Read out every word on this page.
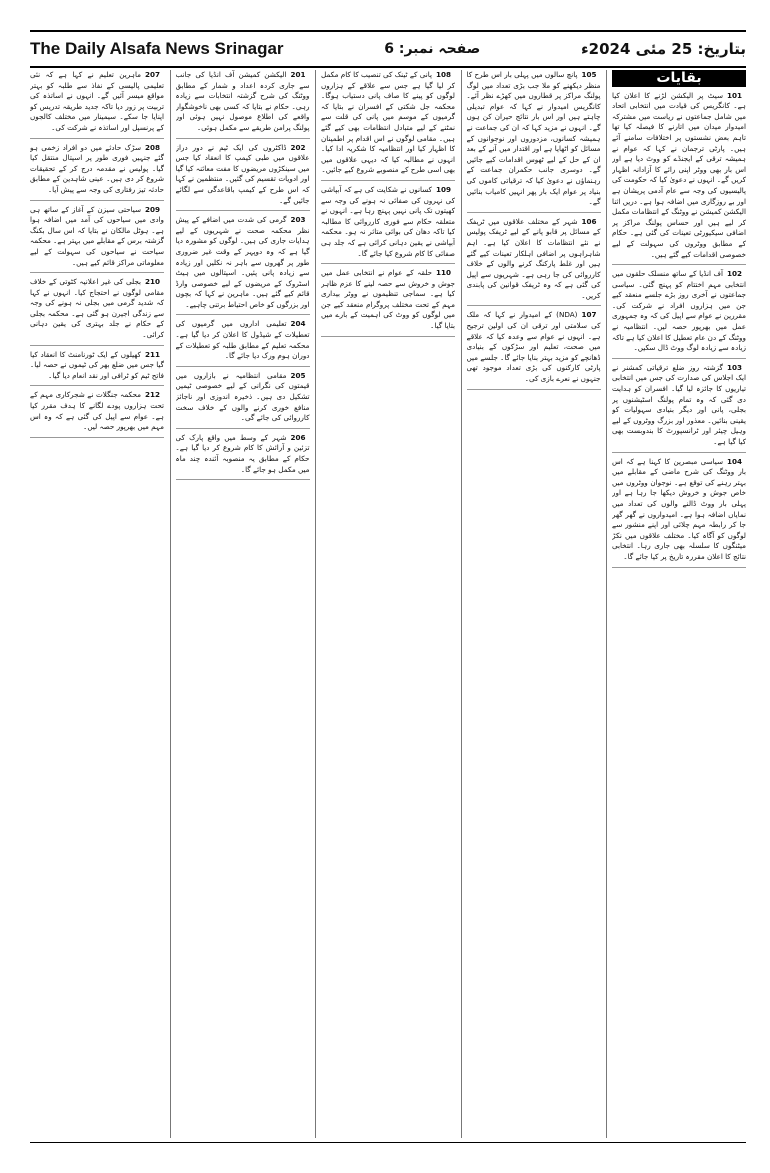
The Daily Alsafa News Srinagar	صفحہ نمبر: 6	بتاریخ: 25 مئی 2024ء
بقایات

101سیٹ پر الیکشن لڑنے کا اعلان کیا ہے۔ کانگریس کی قیادت میں انتخابی اتحاد میں شامل جماعتوں نے ریاست میں مشترکہ امیدوار میدان میں اتارنے کا فیصلہ کیا تھا تاہم بعض نشستوں پر اختلافات سامنے آئے ہیں۔ پارٹی ترجمان نے کہا کہ عوام نے ہمیشہ ترقی کے ایجنڈے کو ووٹ دیا ہے اور اس بار بھی ووٹر اپنی رائے کا آزادانہ اظہار کریں گے۔ انہوں نے دعویٰ کیا کہ حکومت کی پالیسیوں کی وجہ سے عام آدمی پریشان ہے اور بے روزگاری میں اضافہ ہوا ہے۔ دریں اثنا الیکشن کمیشن نے ووٹنگ کے انتظامات مکمل کر لیے ہیں اور حساس پولنگ مراکز پر اضافی سیکیورٹی تعینات کی گئی ہے۔ حکام کے مطابق ووٹروں کی سہولت کے لیے خصوصی اقدامات کیے گئے ہیں۔

102آف انڈیا کے ساتھ منسلک حلقوں میں انتخابی مہم اختتام کو پہنچ گئی۔ سیاسی جماعتوں نے آخری روز بڑے جلسے منعقد کیے جن میں ہزاروں افراد نے شرکت کی۔ مقررین نے عوام سے اپیل کی کہ وہ جمہوری عمل میں بھرپور حصہ لیں۔ انتظامیہ نے ووٹنگ کے دن عام تعطیل کا اعلان کیا ہے تاکہ زیادہ سے زیادہ لوگ ووٹ ڈال سکیں۔

103گزشتہ روز ضلع ترقیاتی کمشنر نے ایک اجلاس کی صدارت کی جس میں انتخابی تیاریوں کا جائزہ لیا گیا۔ افسران کو ہدایت دی گئی کہ وہ تمام پولنگ اسٹیشنوں پر بجلی، پانی اور دیگر بنیادی سہولیات کو یقینی بنائیں۔ معذور اور بزرگ ووٹروں کے لیے وہیل چیئر اور ٹرانسپورٹ کا بندوبست بھی کیا گیا ہے۔

104سیاسی مبصرین کا کہنا ہے کہ اس بار ووٹنگ کی شرح ماضی کے مقابلے میں بہتر رہنے کی توقع ہے۔ نوجوان ووٹروں میں خاص جوش و خروش دیکھا جا رہا ہے اور پہلی بار ووٹ ڈالنے والوں کی تعداد میں نمایاں اضافہ ہوا ہے۔ امیدواروں نے گھر گھر جا کر رابطہ مہم چلائی اور اپنے منشور سے لوگوں کو آگاہ کیا۔ مختلف علاقوں میں نکڑ میٹنگوں کا سلسلہ بھی جاری رہا۔ انتخابی نتائج کا اعلان مقررہ تاریخ پر کیا جائے گا۔

105پانچ سالوں میں پہلی بار اس طرح کا منظر دیکھنے کو ملا جب بڑی تعداد میں لوگ پولنگ مراکز پر قطاروں میں کھڑے نظر آئے۔ کانگریس امیدوار نے کہا کہ عوام تبدیلی چاہتے ہیں اور اس بار نتائج حیران کن ہوں گے۔ انہوں نے مزید کہا کہ ان کی جماعت نے ہمیشہ کسانوں، مزدوروں اور نوجوانوں کے مسائل کو اٹھایا ہے اور اقتدار میں آنے کے بعد ان کے حل کے لیے ٹھوس اقدامات کیے جائیں گے۔ دوسری جانب حکمران جماعت کے رہنماؤں نے دعویٰ کیا کہ ترقیاتی کاموں کی بنیاد پر عوام ایک بار پھر انہیں کامیاب بنائیں گے۔

106شہر کے مختلف علاقوں میں ٹریفک کے مسائل پر قابو پانے کے لیے ٹریفک پولیس نے نئے انتظامات کا اعلان کیا ہے۔ اہم شاہراہوں پر اضافی اہلکار تعینات کیے گئے ہیں اور غلط پارکنگ کرنے والوں کے خلاف کارروائی کی جا رہی ہے۔ شہریوں سے اپیل کی گئی ہے کہ وہ ٹریفک قوانین کی پابندی کریں۔

107(NDA) کے امیدوار نے کہا کہ ملک کی سلامتی اور ترقی ان کی اولین ترجیح ہے۔ انہوں نے عوام سے وعدہ کیا کہ علاقے میں صحت، تعلیم اور سڑکوں کے بنیادی ڈھانچے کو مزید بہتر بنایا جائے گا۔ جلسے میں پارٹی کارکنوں کی بڑی تعداد موجود تھی جنہوں نے نعرے بازی کی۔

108پانی کے ٹینک کی تنصیب کا کام مکمل کر لیا گیا ہے جس سے علاقے کے ہزاروں لوگوں کو پینے کا صاف پانی دستیاب ہوگا۔ محکمہ جل شکتی کے افسران نے بتایا کہ گرمیوں کے موسم میں پانی کی قلت سے نمٹنے کے لیے متبادل انتظامات بھی کیے گئے ہیں۔ مقامی لوگوں نے اس اقدام پر اطمینان کا اظہار کیا اور انتظامیہ کا شکریہ ادا کیا۔ انہوں نے مطالبہ کیا کہ دیہی علاقوں میں بھی اسی طرح کے منصوبے شروع کیے جائیں۔

109کسانوں نے شکایت کی ہے کہ آبپاشی کی نہروں کی صفائی نہ ہونے کی وجہ سے کھیتوں تک پانی نہیں پہنچ رہا ہے۔ انہوں نے متعلقہ حکام سے فوری کارروائی کا مطالبہ کیا تاکہ دھان کی بوائی متاثر نہ ہو۔ محکمہ آبپاشی نے یقین دہانی کرائی ہے کہ جلد ہی صفائی کا کام شروع کیا جائے گا۔

110حلقہ کے عوام نے انتخابی عمل میں جوش و خروش سے حصہ لینے کا عزم ظاہر کیا ہے۔ سماجی تنظیموں نے ووٹر بیداری مہم کے تحت مختلف پروگرام منعقد کیے جن میں لوگوں کو ووٹ کی اہمیت کے بارے میں بتایا گیا۔

201الیکشن کمیشن آف انڈیا کی جانب سے جاری کردہ اعداد و شمار کے مطابق ووٹنگ کی شرح گزشتہ انتخابات سے زیادہ رہی۔ حکام نے بتایا کہ کسی بھی ناخوشگوار واقعے کی اطلاع موصول نہیں ہوئی اور پولنگ پرامن طریقے سے مکمل ہوئی۔

202ڈاکٹروں کی ایک ٹیم نے دور دراز علاقوں میں طبی کیمپ کا انعقاد کیا جس میں سینکڑوں مریضوں کا مفت معائنہ کیا گیا اور ادویات تقسیم کی گئیں۔ منتظمین نے کہا کہ اس طرح کے کیمپ باقاعدگی سے لگائے جائیں گے۔

203گرمی کی شدت میں اضافے کے پیش نظر محکمہ صحت نے شہریوں کے لیے ہدایات جاری کی ہیں۔ لوگوں کو مشورہ دیا گیا ہے کہ وہ دوپہر کے وقت غیر ضروری طور پر گھروں سے باہر نہ نکلیں اور زیادہ سے زیادہ پانی پئیں۔ اسپتالوں میں ہیٹ اسٹروک کے مریضوں کے لیے خصوصی وارڈ قائم کیے گئے ہیں۔ ماہرین نے کہا کہ بچوں اور بزرگوں کو خاص احتیاط برتنی چاہیے۔

204تعلیمی اداروں میں گرمیوں کی تعطیلات کے شیڈول کا اعلان کر دیا گیا ہے۔ محکمہ تعلیم کے مطابق طلبہ کو تعطیلات کے دوران ہوم ورک دیا جائے گا۔

205مقامی انتظامیہ نے بازاروں میں قیمتوں کی نگرانی کے لیے خصوصی ٹیمیں تشکیل دی ہیں۔ ذخیرہ اندوزی اور ناجائز منافع خوری کرنے والوں کے خلاف سخت کارروائی کی جائے گی۔

206شہر کے وسط میں واقع پارک کی تزئین و آرائش کا کام شروع کر دیا گیا ہے۔ حکام کے مطابق یہ منصوبہ آئندہ چند ماہ میں مکمل ہو جائے گا۔

207ماہرین تعلیم نے کہا ہے کہ نئی تعلیمی پالیسی کے نفاذ سے طلبہ کو بہتر مواقع میسر آئیں گے۔ انہوں نے اساتذہ کی تربیت پر زور دیا تاکہ جدید طریقہ تدریس کو اپنایا جا سکے۔ سیمینار میں مختلف کالجوں کے پرنسپل اور اساتذہ نے شرکت کی۔

208سڑک حادثے میں دو افراد زخمی ہو گئے جنہیں فوری طور پر اسپتال منتقل کیا گیا۔ پولیس نے مقدمہ درج کر کے تحقیقات شروع کر دی ہیں۔ عینی شاہدین کے مطابق حادثہ تیز رفتاری کی وجہ سے پیش آیا۔

209سیاحتی سیزن کے آغاز کے ساتھ ہی وادی میں سیاحوں کی آمد میں اضافہ ہوا ہے۔ ہوٹل مالکان نے بتایا کہ اس سال بکنگ گزشتہ برس کے مقابلے میں بہتر ہے۔ محکمہ سیاحت نے سیاحوں کی سہولت کے لیے معلوماتی مراکز قائم کیے ہیں۔

210بجلی کی غیر اعلانیہ کٹوتی کے خلاف مقامی لوگوں نے احتجاج کیا۔ انہوں نے کہا کہ شدید گرمی میں بجلی نہ ہونے کی وجہ سے زندگی اجیرن ہو گئی ہے۔ محکمہ بجلی کے حکام نے جلد بہتری کی یقین دہانی کرائی۔

211کھیلوں کے ایک ٹورنامنٹ کا انعقاد کیا گیا جس میں ضلع بھر کی ٹیموں نے حصہ لیا۔ فاتح ٹیم کو ٹرافی اور نقد انعام دیا گیا۔

212محکمہ جنگلات نے شجرکاری مہم کے تحت ہزاروں پودے لگانے کا ہدف مقرر کیا ہے۔ عوام سے اپیل کی گئی ہے کہ وہ اس مہم میں بھرپور حصہ لیں۔
